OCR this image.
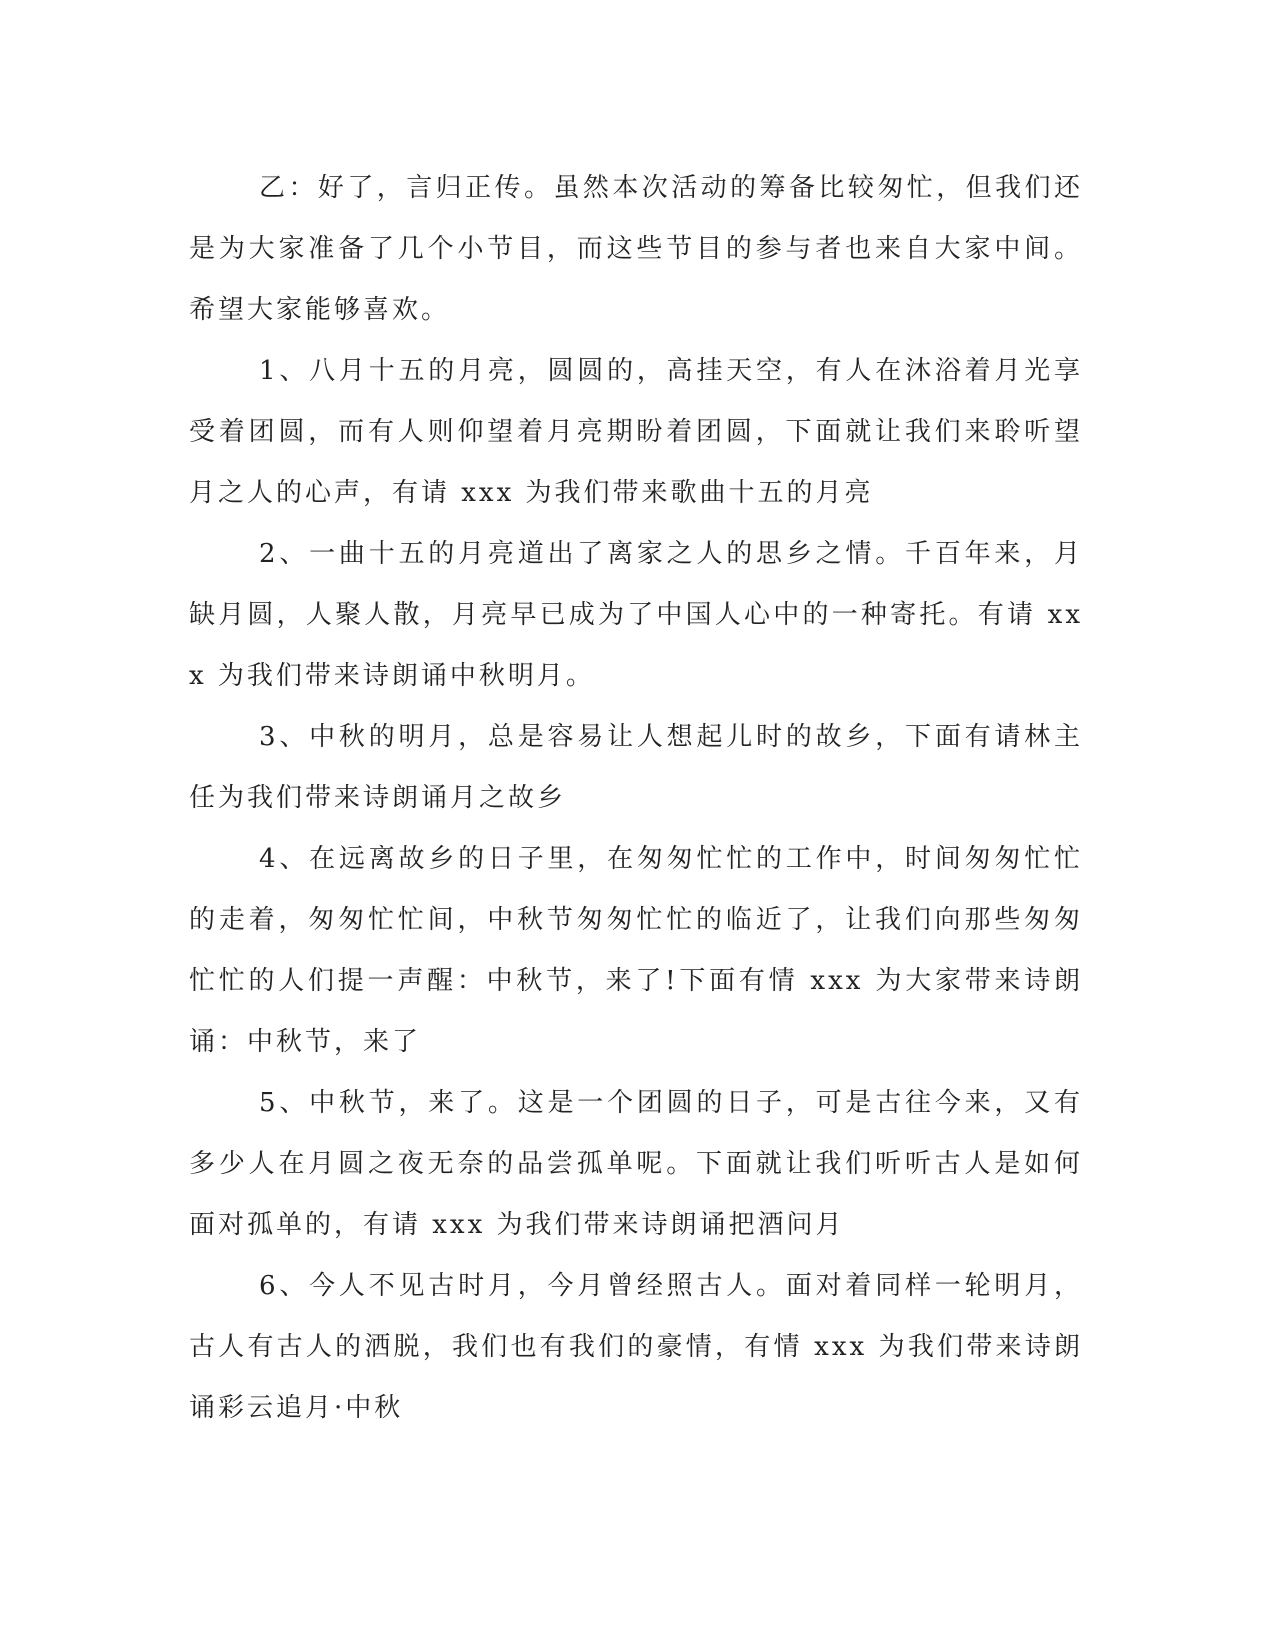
乙：好了，言归正传。虽然本次活动的筹备比较匆忙，但我们还是为大家准备了几个小节目，而这些节目的参与者也来自大家中间。希望大家能够喜欢。

1、八月十五的月亮，圆圆的，高挂天空，有人在沐浴着月光享受着团圆，而有人则仰望着月亮期盼着团圆，下面就让我们来聆听望月之人的心声，有请 xxx 为我们带来歌曲十五的月亮

2、一曲十五的月亮道出了离家之人的思乡之情。千百年来，月缺月圆，人聚人散，月亮早已成为了中国人心中的一种寄托。有请 xxx 为我们带来诗朗诵中秋明月。

3、中秋的明月，总是容易让人想起儿时的故乡，下面有请林主任为我们带来诗朗诵月之故乡

4、在远离故乡的日子里，在匆匆忙忙的工作中，时间匆匆忙忙的走着，匆匆忙忙间，中秋节匆匆忙忙的临近了，让我们向那些匆匆忙忙的人们提一声醒：中秋节，来了!下面有情 xxx 为大家带来诗朗诵：中秋节，来了

5、中秋节，来了。这是一个团圆的日子，可是古往今来，又有多少人在月圆之夜无奈的品尝孤单呢。下面就让我们听听古人是如何面对孤单的，有请 xxx 为我们带来诗朗诵把酒问月

6、今人不见古时月，今月曾经照古人。面对着同样一轮明月，古人有古人的洒脱，我们也有我们的豪情，有情 xxx 为我们带来诗朗诵彩云追月·中秋
